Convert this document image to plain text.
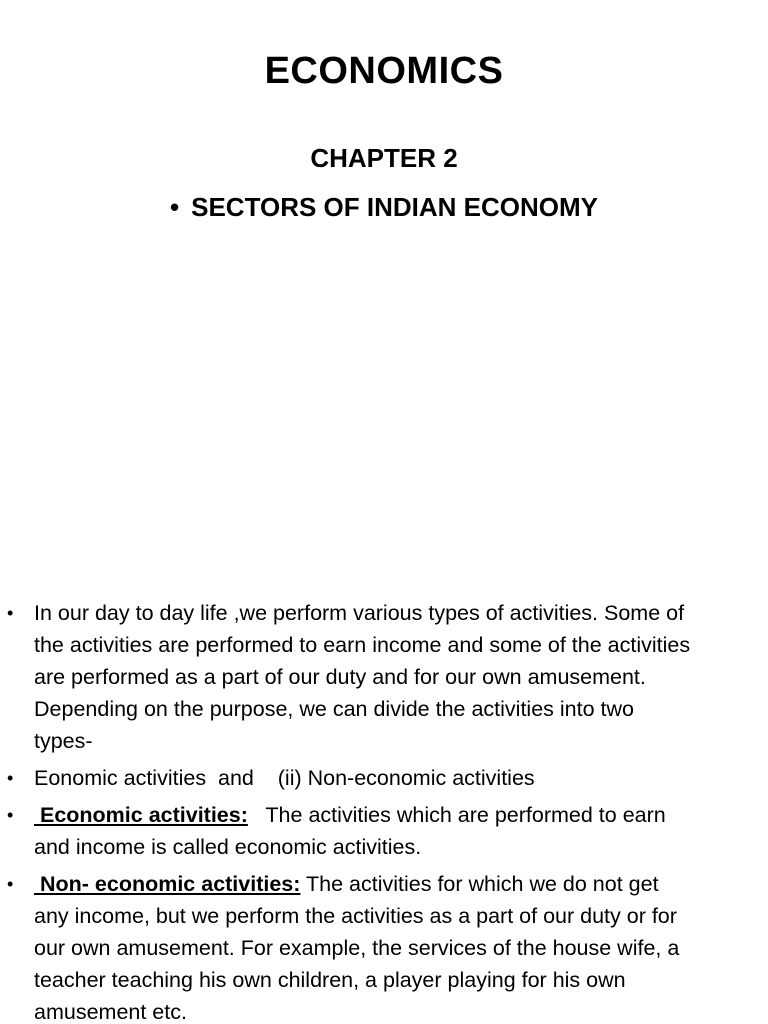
ECONOMICS
CHAPTER 2
• SECTORS OF INDIAN ECONOMY
• In our day to day life ,we perform various types of activities. Some of the activities are performed to earn income and some of the activities are performed as a part of our duty and for our own amusement. Depending on the purpose, we can divide the activities into two types-
• Eonomic activities  and    (ii) Non-economic activities
• Economic activities:   The activities which are performed to earn and income is called economic activities.
• Non- economic activities: The activities for which we do not get any income, but we perform the activities as a part of our duty or for our own amusement. For example, the services of the house wife, a teacher teaching his own children, a player playing for his own amusement etc.
